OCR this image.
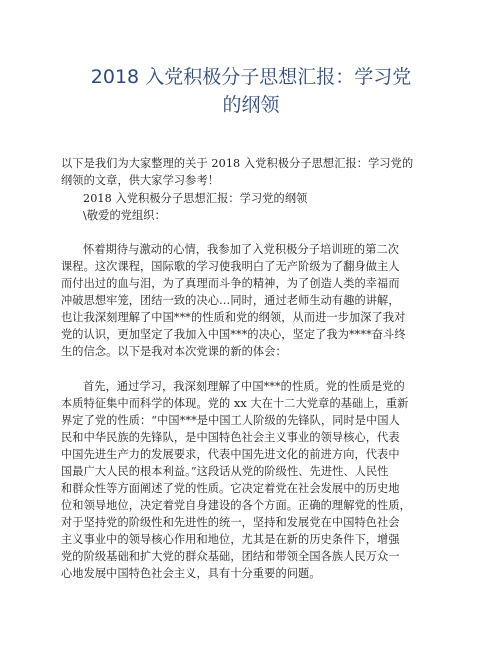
2018 入党积极分子思想汇报：学习党
的纲领
以下是我们为大家整理的关于 2018 入党积极分子思想汇报：学习党的
纲领的文章，供大家学习参考！
2018 入党积极分子思想汇报：学习党的纲领
\敬爱的党组织：
怀着期待与激动的心情，我参加了入党积极分子培训班的第二次
课程。这次课程，国际歌的学习使我明白了无产阶级为了翻身做主人
而付出过的血与泪，为了真理而斗争的精神，为了创造人类的幸福而
冲破思想牢笼，团结一致的决心…同时，通过老师生动有趣的讲解，
也让我深刻理解了中国***的性质和党的纲领，从而进一步加深了我对
党的认识，更加坚定了我加入中国***的决心，坚定了我为****奋斗终
生的信念。以下是我对本次党课的新的体会：
首先，通过学习，我深刻理解了中国***的性质。党的性质是党的
本质特征集中而科学的体现。党的 xx 大在十二大党章的基础上，重新
界定了党的性质：“中国***是中国工人阶级的先锋队，同时是中国人
民和中华民族的先锋队，是中国特色社会主义事业的领导核心，代表
中国先进生产力的发展要求，代表中国先进文化的前进方向，代表中
国最广大人民的根本利益。”这段话从党的阶级性、先进性、人民性
和群众性等方面阐述了党的性质。它决定着党在社会发展中的历史地
位和领导地位，决定着党自身建设的各个方面。正确的理解党的性质，
对于坚持党的阶级性和先进性的统一，坚持和发展党在中国特色社会
主义事业中的领导核心作用和地位，尤其是在新的历史条件下，增强
党的阶级基础和扩大党的群众基础，团结和带领全国各族人民万众一
心地发展中国特色社会主义，具有十分重要的问题。
